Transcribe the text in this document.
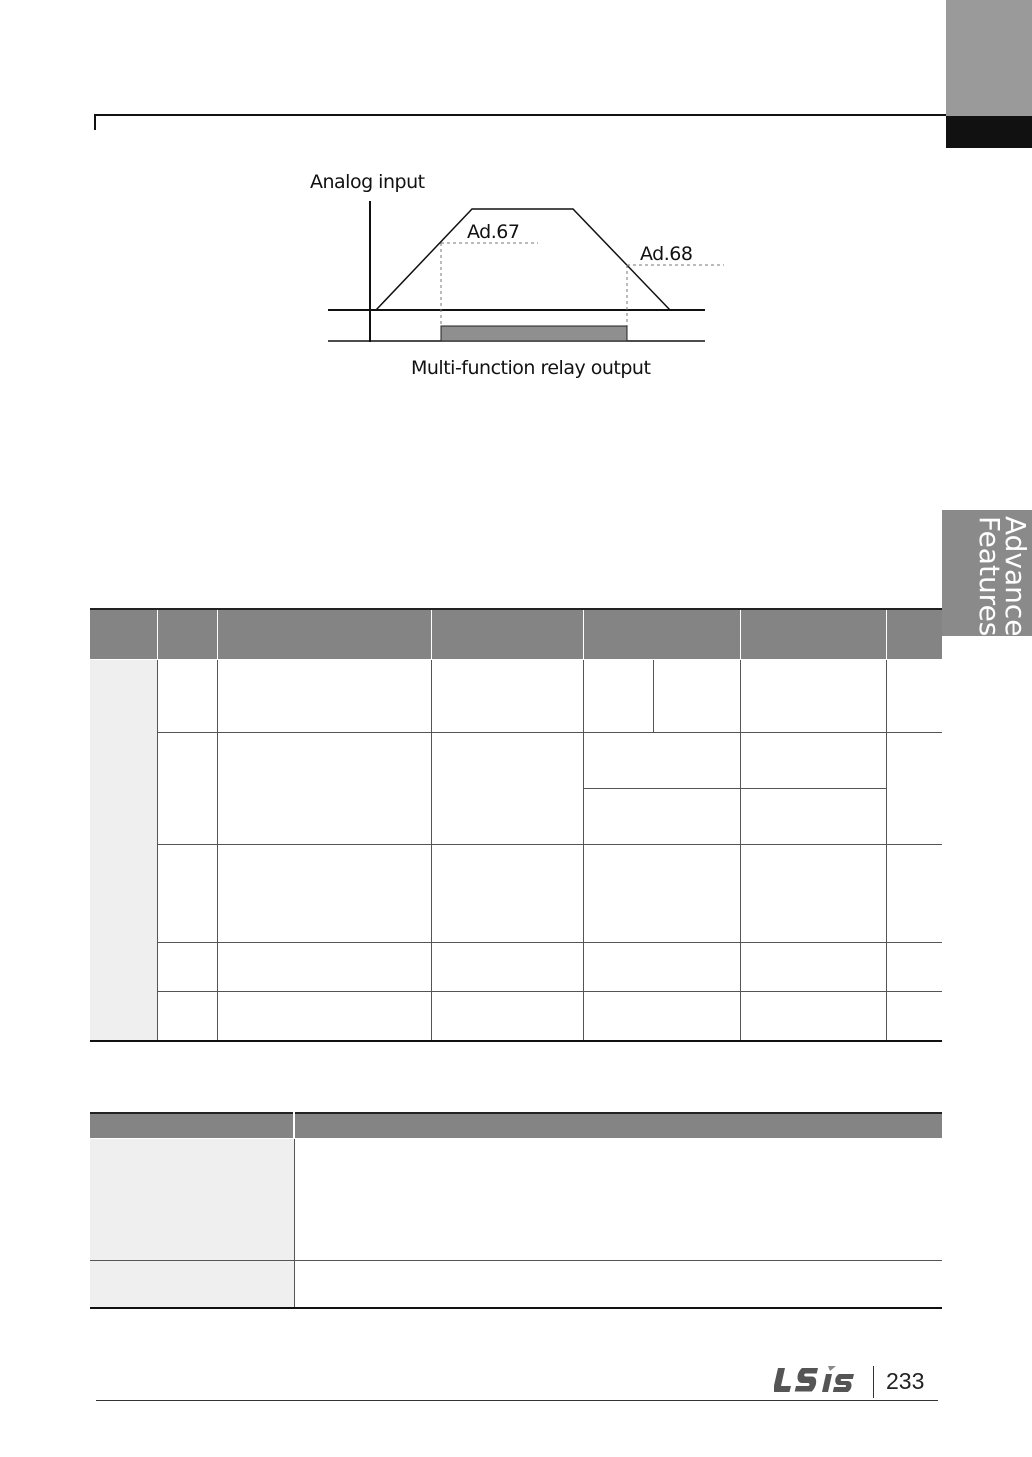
Advanced
Features
Analog input
Ad.67
Ad.68
Multi-function relay output

233
